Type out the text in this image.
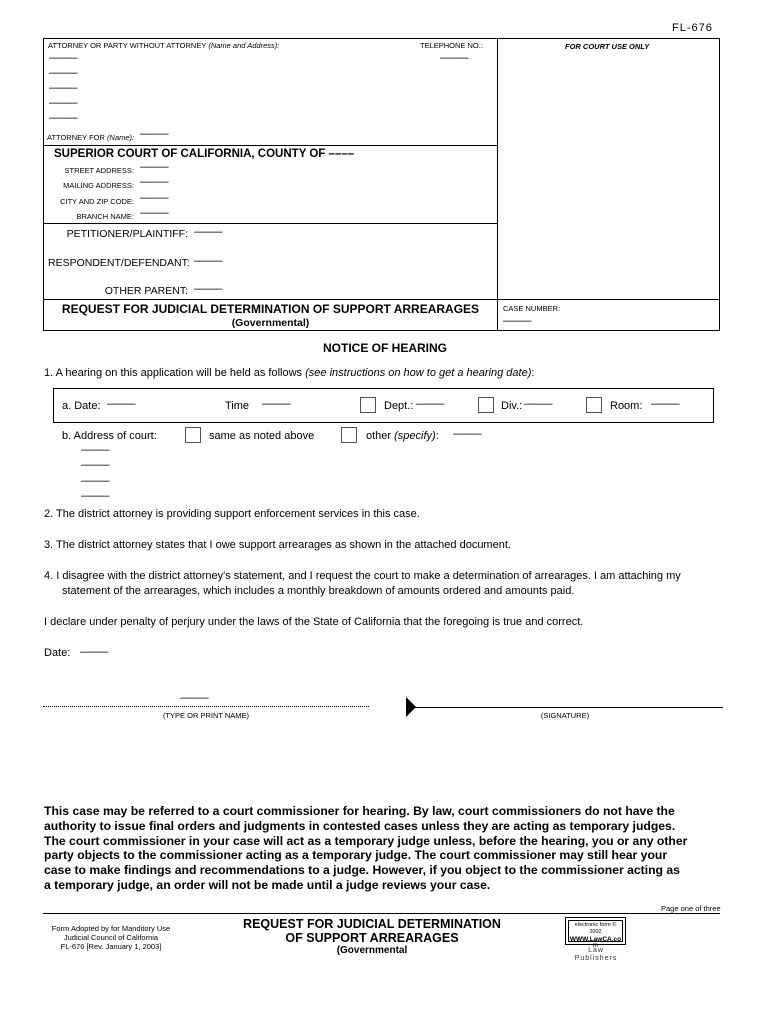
FL-676
ATTORNEY OR PARTY WITHOUT ATTORNEY (Name and Address):	TELEPHONE NO.:	FOR COURT USE ONLY
–––––	–––––
–––––
–––––
–––––
–––––
ATTORNEY FOR (Name): –––––
SUPERIOR COURT OF CALIFORNIA, COUNTY OF ––––
STREET ADDRESS: –––––
MAILING ADDRESS: –––––
CITY AND ZIP CODE: –––––
BRANCH NAME: –––––
PETITIONER/PLAINTIFF: –––––
RESPONDENT/DEFENDANT: –––––
OTHER PARENT: –––––
REQUEST FOR JUDICIAL DETERMINATION OF SUPPORT ARREARAGES
(Governmental)
CASE NUMBER:
–––––
NOTICE OF HEARING
1. A hearing on this application will be held as follows (see instructions on how to get a hearing date):
a. Date: –––––	Time –––––	Dept.: –––––	Div.: –––––	Room: –––––
b. Address of court:	same as noted above	other (specify): –––––
–––––
–––––
–––––
–––––
2. The district attorney is providing support enforcement services in this case.
3. The district attorney states that I owe support arrearages as shown in the attached document.
4. I disagree with the district attorney's statement, and I request the court to make a determination of arrearages. I am attaching my
statement of the arrearages, which includes a monthly breakdown of amounts ordered and amounts paid.
I declare under penalty of perjury under the laws of the State of California that the foregoing is true and correct.
Date: –––––
–––––
(TYPE OR PRINT NAME)	(SIGNATURE)

This case may be referred to a court commissioner for hearing. By law, court commissioners do not have the

authority to issue final orders and judgments in contested cases unless they are acting as temporary judges.

The court commissioner in your case will act as a temporary judge unless, before the hearing, you or any other

party objects to the commissioner acting as a temporary judge. The court commissioner may still hear your

case to make findings and recommendations to a judge. However, if you object to the commissioner acting as

a temporary judge, an order will not be made until a judge reviews your case.

Page one of three
Form Adopted by for Manditory Use
Judicial Council of California
FL-676 [Rev. January 1, 2003]
REQUEST FOR JUDICIAL DETERMINATION
OF SUPPORT ARREARAGES
(Governmental
electronic form ©
2002
WWW.LawCA.co
m
Law
Publishers
